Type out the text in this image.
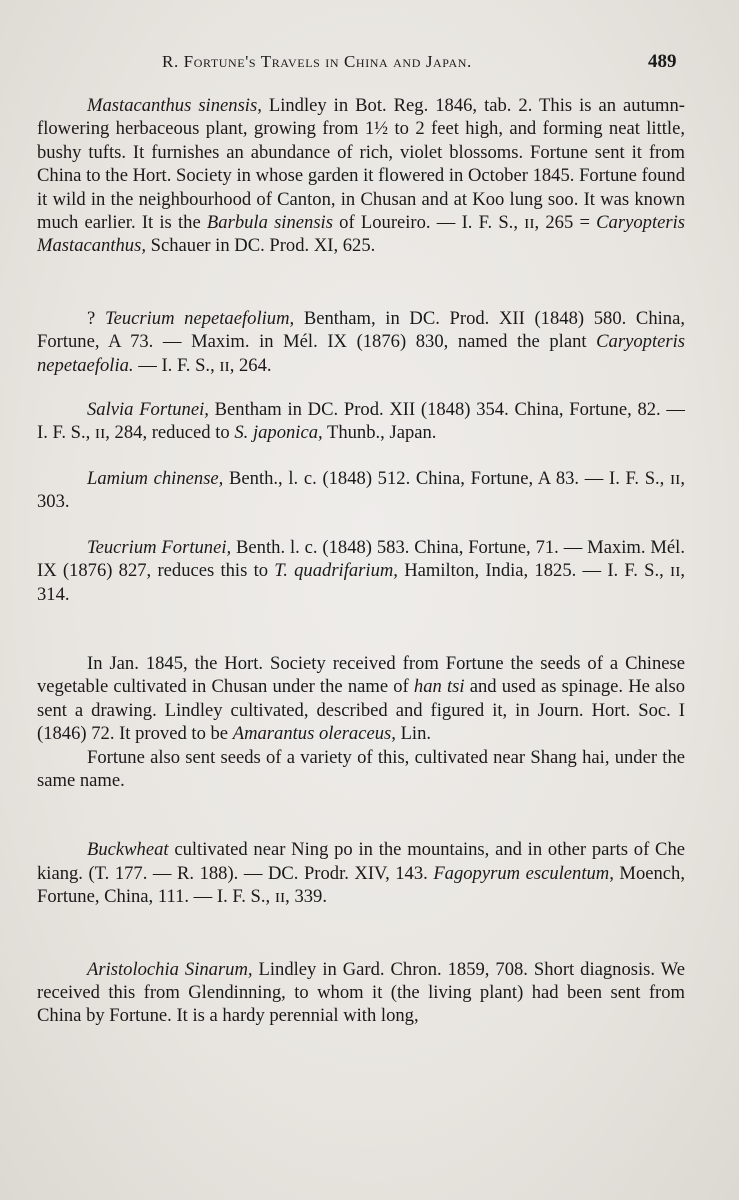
R. Fortune's Travels in China and Japan.	489

Mastacanthus sinensis, Lindley in Bot. Reg. 1846, tab. 2. This is an autumn-flowering herbaceous plant, growing from 1½ to 2 feet high, and forming neat little, bushy tufts. It furnishes an abundance of rich, violet blossoms. Fortune sent it from China to the Hort. Society in whose garden it flowered in October 1845. Fortune found it wild in the neighbourhood of Canton, in Chusan and at Koo lung soo. It was known much earlier. It is the Barbula sinensis of Loureiro. — I. F. S., ɪɪ, 265 = Caryopteris Mastacanthus, Schauer in DC. Prod. XI, 625.

? Teucrium nepetaefolium, Bentham, in DC. Prod. XII (1848) 580. China, Fortune, A 73. — Maxim. in Mél. IX (1876) 830, named the plant Caryopteris nepetaefolia. — I. F. S., ɪɪ, 264.

Salvia Fortunei, Bentham in DC. Prod. XII (1848) 354. China, Fortune, 82. — I. F. S., ɪɪ, 284, reduced to S. japonica, Thunb., Japan.

Lamium chinense, Benth., l. c. (1848) 512. China, Fortune, A 83. — I. F. S., ɪɪ, 303.

Teucrium Fortunei, Benth. l. c. (1848) 583. China, Fortune, 71. — Maxim. Mél. IX (1876) 827, reduces this to T. quadrifarium, Hamilton, India, 1825. — I. F. S., ɪɪ, 314.

In Jan. 1845, the Hort. Society received from Fortune the seeds of a Chinese vegetable cultivated in Chusan under the name of han tsi and used as spinage. He also sent a drawing. Lindley cultivated, described and figured it, in Journ. Hort. Soc. I (1846) 72. It proved to be Amarantus oleraceus, Lin.

Fortune also sent seeds of a variety of this, cultivated near Shang hai, under the same name.

Buckwheat cultivated near Ning po in the mountains, and in other parts of Che kiang. (T. 177. — R. 188). — DC. Prodr. XIV, 143. Fagopyrum esculentum, Moench, Fortune, China, 111. — I. F. S., ɪɪ, 339.

Aristolochia Sinarum, Lindley in Gard. Chron. 1859, 708. Short diagnosis. We received this from Glendinning, to whom it (the living plant) had been sent from China by Fortune. It is a hardy perennial with long,
